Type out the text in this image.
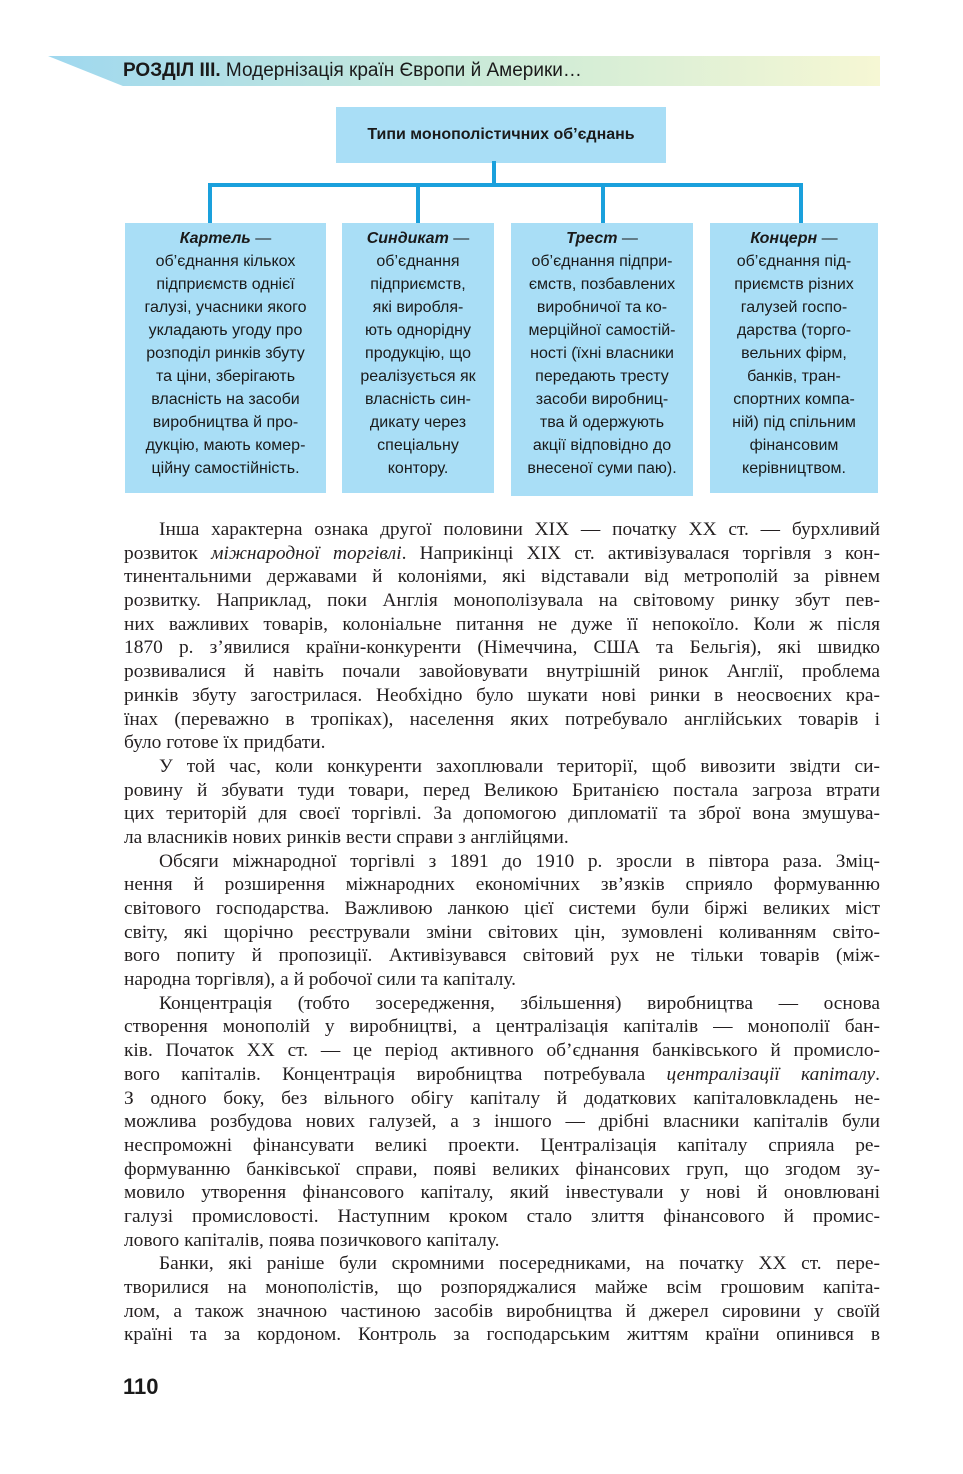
РОЗДІЛ III. Модернізація країн Європи й Америки…
Типи монополістичних об’єднань
Картель —
об’єднання кількох
підприємств однієї
галузі, учасники якого
укладають угоду про
розподіл ринків збуту
та ціни, зберігають
власність на засоби
виробництва й про-
дукцію, мають комер-
ційну самостійність.
Синдикат —
об’єднання
підприємств,
які виробля-
ють однорідну
продукцію, що
реалізується як
власність син-
дикату через
спеціальну
контору.
Трест —
об’єднання підпри-
ємств, позбавлених
виробничої та ко-
мерційної самостій-
ності (їхні власники
передають тресту
засоби виробниц-
тва й одержують
акції відповідно до
внесеної суми паю).
Концерн —
об’єднання під-
приємств різних
галузей госпо-
дарства (торго-
вельних фірм,
банків, тран-
спортних компа-
ній) під спільним
фінансовим
керівництвом.
Інша характерна ознака другої половини XIX — початку XX ст. — бурхливий
розвиток міжнародної торгівлі. Наприкінці XIX ст. активізувалася торгівля з кон-
тинентальними державами й колоніями, які відставали від метрополій за рівнем
розвитку. Наприклад, поки Англія монополізувала на світовому ринку збут пев-
них важливих товарів, колоніальне питання не дуже її непокоїло. Коли ж після
1870 р. з’явилися країни-конкуренти (Німеччина, США та Бельгія), які швидко
розвивалися й навіть почали завойовувати внутрішній ринок Англії, проблема
ринків збуту загострилася. Необхідно було шукати нові ринки в неосвоєних кра-
їнах (переважно в тропіках), населення яких потребувало англійських товарів і
було готове їх придбати.
У той час, коли конкуренти захоплювали території, щоб вивозити звідти си-
ровину й збувати туди товари, перед Великою Британією постала загроза втрати
цих територій для своєї торгівлі. За допомогою дипломатії та зброї вона змушува-
ла власників нових ринків вести справи з англійцями.
Обсяги міжнародної торгівлі з 1891 до 1910 р. зросли в півтора раза. Зміц-
нення й розширення міжнародних економічних зв’язків сприяло формуванню
світового господарства. Важливою ланкою цієї системи були біржі великих міст
світу, які щорічно реєстрували зміни світових цін, зумовлені коливанням світо-
вого попиту й пропозиції. Активізувався світовий рух не тільки товарів (між-
народна торгівля), а й робочої сили та капіталу.
Концентрація (тобто зосередження, збільшення) виробництва — основа
створення монополій у виробництві, а централізація капіталів — монополії бан-
ків. Початок XX ст. — це період активного об’єднання банківського й промисло-
вого капіталів. Концентрація виробництва потребувала централізації капіталу.
З одного боку, без вільного обігу капіталу й додаткових капіталовкладень не-
можлива розбудова нових галузей, а з іншого — дрібні власники капіталів були
неспроможні фінансувати великі проекти. Централізація капіталу сприяла ре-
формуванню банківської справи, появі великих фінансових груп, що згодом зу-
мовило утворення фінансового капіталу, який інвестували у нові й оновлювані
галузі промисловості. Наступним кроком стало злиття фінансового й промис-
лового капіталів, поява позичкового капіталу.
Банки, які раніше були скромними посередниками, на початку XX ст. пере-
творилися на монополістів, що розпоряджалися майже всім грошовим капіта-
лом, а також значною частиною засобів виробництва й джерел сировини у своїй
країні та за кордоном. Контроль за господарським життям країни опинився в
110
